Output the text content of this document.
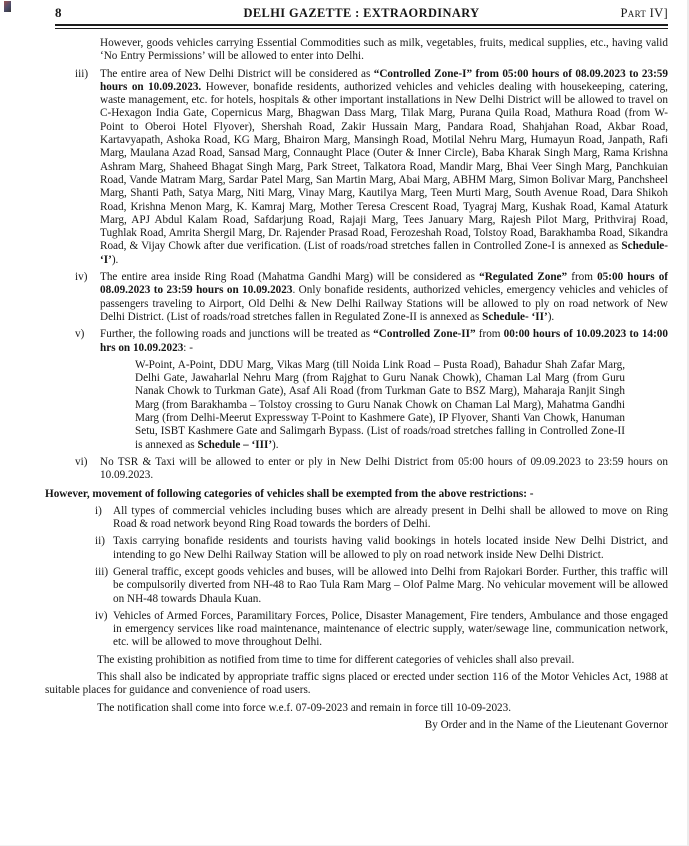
8	DELHI GAZETTE : EXTRAORDINARY	Part IV]

However, goods vehicles carrying Essential Commodities such as milk, vegetables, fruits, medical supplies, etc., having valid ‘No Entry Permissions’ will be allowed to enter into Delhi.

iii)	The entire area of New Delhi District will be considered as “Controlled Zone-I” from 05:00 hours of 08.09.2023 to 23:59 hours on 10.09.2023. However, bonafide residents, authorized vehicles and vehicles dealing with housekeeping, catering, waste management, etc. for hotels, hospitals & other important installations in New Delhi District will be allowed to travel on C-Hexagon India Gate, Copernicus Marg, Bhagwan Dass Marg, Tilak Marg, Purana Quila Road, Mathura Road (from W-Point to Oberoi Hotel Flyover), Shershah Road, Zakir Hussain Marg, Pandara Road, Shahjahan Road, Akbar Road, Kartavyapath, Ashoka Road, KG Marg, Bhairon Marg, Mansingh Road, Motilal Nehru Marg, Humayun Road, Janpath, Rafi Marg, Maulana Azad Road, Sansad Marg, Connaught Place (Outer & Inner Circle), Baba Kharak Singh Marg, Rama Krishna Ashram Marg, Shaheed Bhagat Singh Marg, Park Street, Talkatora Road, Mandir Marg, Bhai Veer Singh Marg, Panchkuian Road, Vande Matram Marg, Sardar Patel Marg, San Martin Marg, Abai Marg, ABHM Marg, Simon Bolivar Marg, Panchsheel Marg, Shanti Path, Satya Marg, Niti Marg, Vinay Marg, Kautilya Marg, Teen Murti Marg, South Avenue Road, Dara Shikoh Road, Krishna Menon Marg, K. Kamraj Marg, Mother Teresa Crescent Road, Tyagraj Marg, Kushak Road, Kamal Ataturk Marg, APJ Abdul Kalam Road, Safdarjung Road, Rajaji Marg, Tees January Marg, Rajesh Pilot Marg, Prithviraj Road, Tughlak Road, Amrita Shergil Marg, Dr. Rajender Prasad Road, Ferozeshah Road, Tolstoy Road, Barakhamba Road, Sikandra Road, & Vijay Chowk after due verification. (List of roads/road stretches fallen in Controlled Zone-I is annexed as Schedule- ‘I’).
iv)	The entire area inside Ring Road (Mahatma Gandhi Marg) will be considered as “Regulated Zone” from 05:00 hours of 08.09.2023 to 23:59 hours on 10.09.2023. Only bonafide residents, authorized vehicles, emergency vehicles and vehicles of passengers traveling to Airport, Old Delhi & New Delhi Railway Stations will be allowed to ply on road network of New Delhi District. (List of roads/road stretches fallen in Regulated Zone-II is annexed as Schedule- ‘II’).
v)	Further, the following roads and junctions will be treated as “Controlled Zone-II” from 00:00 hours of 10.09.2023 to 14:00 hrs on 10.09.2023: -

W-Point, A-Point, DDU Marg, Vikas Marg (till Noida Link Road – Pusta Road), Bahadur Shah Zafar Marg, Delhi Gate, Jawaharlal Nehru Marg (from Rajghat to Guru Nanak Chowk), Chaman Lal Marg (from Guru Nanak Chowk to Turkman Gate), Asaf Ali Road (from Turkman Gate to BSZ Marg), Maharaja Ranjit Singh Marg (from Barakhamba – Tolstoy crossing to Guru Nanak Chowk on Chaman Lal Marg), Mahatma Gandhi Marg (from Delhi-Meerut Expressway T-Point to Kashmere Gate), IP Flyover, Shanti Van Chowk, Hanuman Setu, ISBT Kashmere Gate and Salimgarh Bypass. (List of roads/road stretches falling in Controlled Zone-II is annexed as Schedule – ‘III’).

vi)	No TSR & Taxi will be allowed to enter or ply in New Delhi District from 05:00 hours of 09.09.2023 to 23:59 hours on 10.09.2023.

However, movement of following categories of vehicles shall be exempted from the above restrictions: -

i) All types of commercial vehicles including buses which are already present in Delhi shall be allowed to move on Ring Road & road network beyond Ring Road towards the borders of Delhi.
ii) Taxis carrying bonafide residents and tourists having valid bookings in hotels located inside New Delhi District, and intending to go New Delhi Railway Station will be allowed to ply on road network inside New Delhi District.
iii) General traffic, except goods vehicles and buses, will be allowed into Delhi from Rajokari Border. Further, this traffic will be compulsorily diverted from NH-48 to Rao Tula Ram Marg – Olof Palme Marg. No vehicular movement will be allowed on NH-48 towards Dhaula Kuan.
iv) Vehicles of Armed Forces, Paramilitary Forces, Police, Disaster Management, Fire tenders, Ambulance and those engaged in emergency services like road maintenance, maintenance of electric supply, water/sewage line, communication network, etc. will be allowed to move throughout Delhi.

The existing prohibition as notified from time to time for different categories of vehicles shall also prevail.

This shall also be indicated by appropriate traffic signs placed or erected under section 116 of the Motor Vehicles Act, 1988 at suitable places for guidance and convenience of road users.

The notification shall come into force w.e.f. 07-09-2023 and remain in force till 10-09-2023.

By Order and in the Name of the Lieutenant Governor
